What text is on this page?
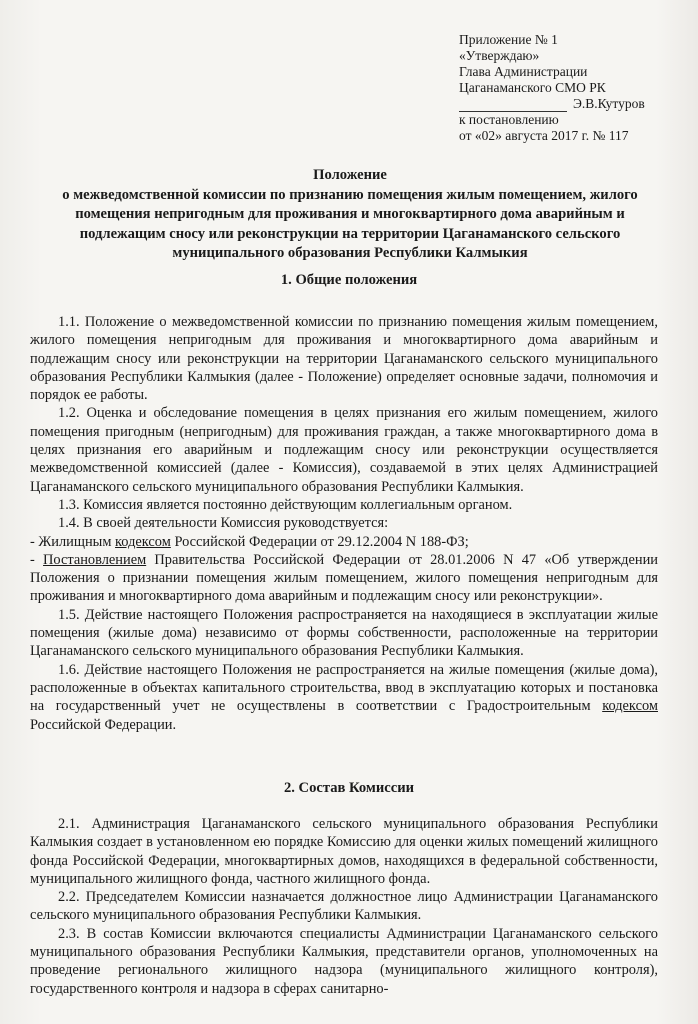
Приложение № 1
«Утверждаю»
Глава Администрации
Цаганаманского СМО РК
Э.В.Кутуров
к постановлению
от «02» августа 2017 г. № 117
Положение
о межведомственной комиссии по признанию помещения жилым помещением, жилого
помещения непригодным для проживания и многоквартирного дома аварийным и
подлежащим сносу или реконструкции на территории Цаганаманского сельского
муниципального образования Республики Калмыкия
1. Общие положения

1.1. Положение о межведомственной комиссии по признанию помещения жилым помещением, жилого помещения непригодным для проживания и многоквартирного дома аварийным и подлежащим сносу или реконструкции на территории Цаганаманского сельского муниципального образования Республики Калмыкия (далее - Положение) определяет основные задачи, полномочия и порядок ее работы.

1.2. Оценка и обследование помещения в целях признания его жилым помещением, жилого помещения пригодным (непригодным) для проживания граждан, а также многоквартирного дома в целях признания его аварийным и подлежащим сносу или реконструкции осуществляется межведомственной комиссией (далее - Комиссия), создаваемой в этих целях Администрацией Цаганаманского сельского муниципального образования Республики Калмыкия.

1.3. Комиссия является постоянно действующим коллегиальным органом.

1.4. В своей деятельности Комиссия руководствуется:

- Жилищным кодексом Российской Федерации от 29.12.2004 N 188-ФЗ;

- Постановлением Правительства Российской Федерации от 28.01.2006 N 47 «Об утверждении Положения о признании помещения жилым помещением, жилого помещения непригодным для проживания и многоквартирного дома аварийным и подлежащим сносу или реконструкции».

1.5. Действие настоящего Положения распространяется на находящиеся в эксплуатации жилые помещения (жилые дома) независимо от формы собственности, расположенные на территории Цаганаманского сельского муниципального образования Республики Калмыкия.

1.6. Действие настоящего Положения не распространяется на жилые помещения (жилые дома), расположенные в объектах капитального строительства, ввод в эксплуатацию которых и постановка на государственный учет не осуществлены в соответствии с Градостроительным кодексом Российской Федерации.

2. Состав Комиссии

2.1. Администрация Цаганаманского сельского муниципального образования Республики Калмыкия создает в установленном ею порядке Комиссию для оценки жилых помещений жилищного фонда Российской Федерации, многоквартирных домов, находящихся в федеральной собственности, муниципального жилищного фонда, частного жилищного фонда.

2.2. Председателем Комиссии назначается должностное лицо Администрации Цаганаманского сельского муниципального образования Республики Калмыкия.

2.3. В состав Комиссии включаются специалисты Администрации Цаганаманского сельского муниципального образования Республики Калмыкия, представители органов, уполномоченных на проведение регионального жилищного надзора (муниципального жилищного контроля), государственного контроля и надзора в сферах санитарно-
